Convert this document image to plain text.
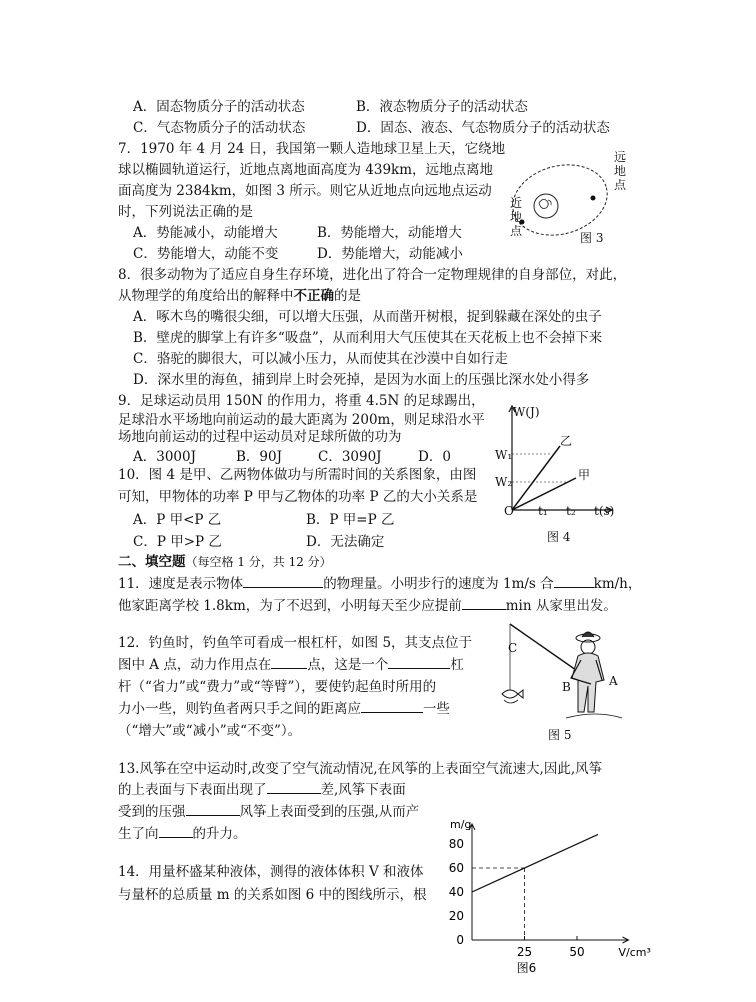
A．固态物质分子的活动状态	B．液态物质分子的活动状态
C．气态物质分子的活动状态	D．固态、液态、气态物质分子的活动状态
7．1970 年 4 月 24 日，我国第一颗人造地球卫星上天，它绕地
球以椭圆轨道运行，近地点离地面高度为 439km，远地点离地
面高度为 2384km，如图 3 所示。则它从近地点向远地点运动
时，下列说法正确的是
A．势能减小，动能增大	B．势能增大，动能增大
C．势能增大，动能不变	D．势能增大，动能减小
远地点
近地点	图 3
8．很多动物为了适应自身生存环境，进化出了符合一定物理规律的自身部位，对此，
从物理学的角度给出的解释中不正确的是
A．啄木鸟的嘴很尖细，可以增大压强，从而凿开树根，捉到躲藏在深处的虫子
B．壁虎的脚掌上有许多“吸盘”，从而利用大气压使其在天花板上也不会掉下来
C．骆驼的脚很大，可以减小压力，从而使其在沙漠中自如行走
D．深水里的海鱼，捕到岸上时会死掉，是因为水面上的压强比深水处小得多
9．足球运动员用 150N 的作用力，将重 4.5N 的足球踢出，
足球沿水平场地向前运动的最大距离为 200m，则足球沿水平
场地向前运动的过程中运动员对足球所做的功为
A．3000J	B．90J	C．3090J	D．0
W(J)
乙
W₁
甲
W₂
O t₁ t₂ t(s)
图 4
10．图 4 是甲、乙两物体做功与所需时间的关系图象，由图
可知，甲物体的功率 P 甲与乙物体的功率 P 乙的大小关系是
A．P 甲<P 乙	B．P 甲=P 乙
C．P 甲>P 乙	D．无法确定
二、填空题（每空格 1 分，共 12 分）
11．速度是表示物体	的物理量。小明步行的速度为 1m/s 合	km/h，
他家距离学校 1.8km，为了不迟到，小明每天至少应提前	min 从家里出发。
12．钓鱼时，钓鱼竿可看成一根杠杆，如图 5，其支点位于
图中 A 点，动力作用点在	点，这是一个	杠
杆（“省力”或“费力”或“等臂”），要使钓起鱼时所用的
力小一些，则钓鱼者两只手之间的距离应	一些
（“增大”或“减小”或“不变”）。
C
B	A
图 5
13.风筝在空中运动时,改变了空气流动情况,在风筝的上表面空气流速大,因此,风筝
的上表面与下表面出现了	差,风筝下表面
受到的压强	风筝上表面受到的压强,从而产
生了向	的升力。
14．用量杯盛某种液体，测得的液体体积 V 和液体
与量杯的总质量 m 的关系如图 6 中的图线所示，根
m/g
V/cm³
0
20
40
60
80
25	50
图6
